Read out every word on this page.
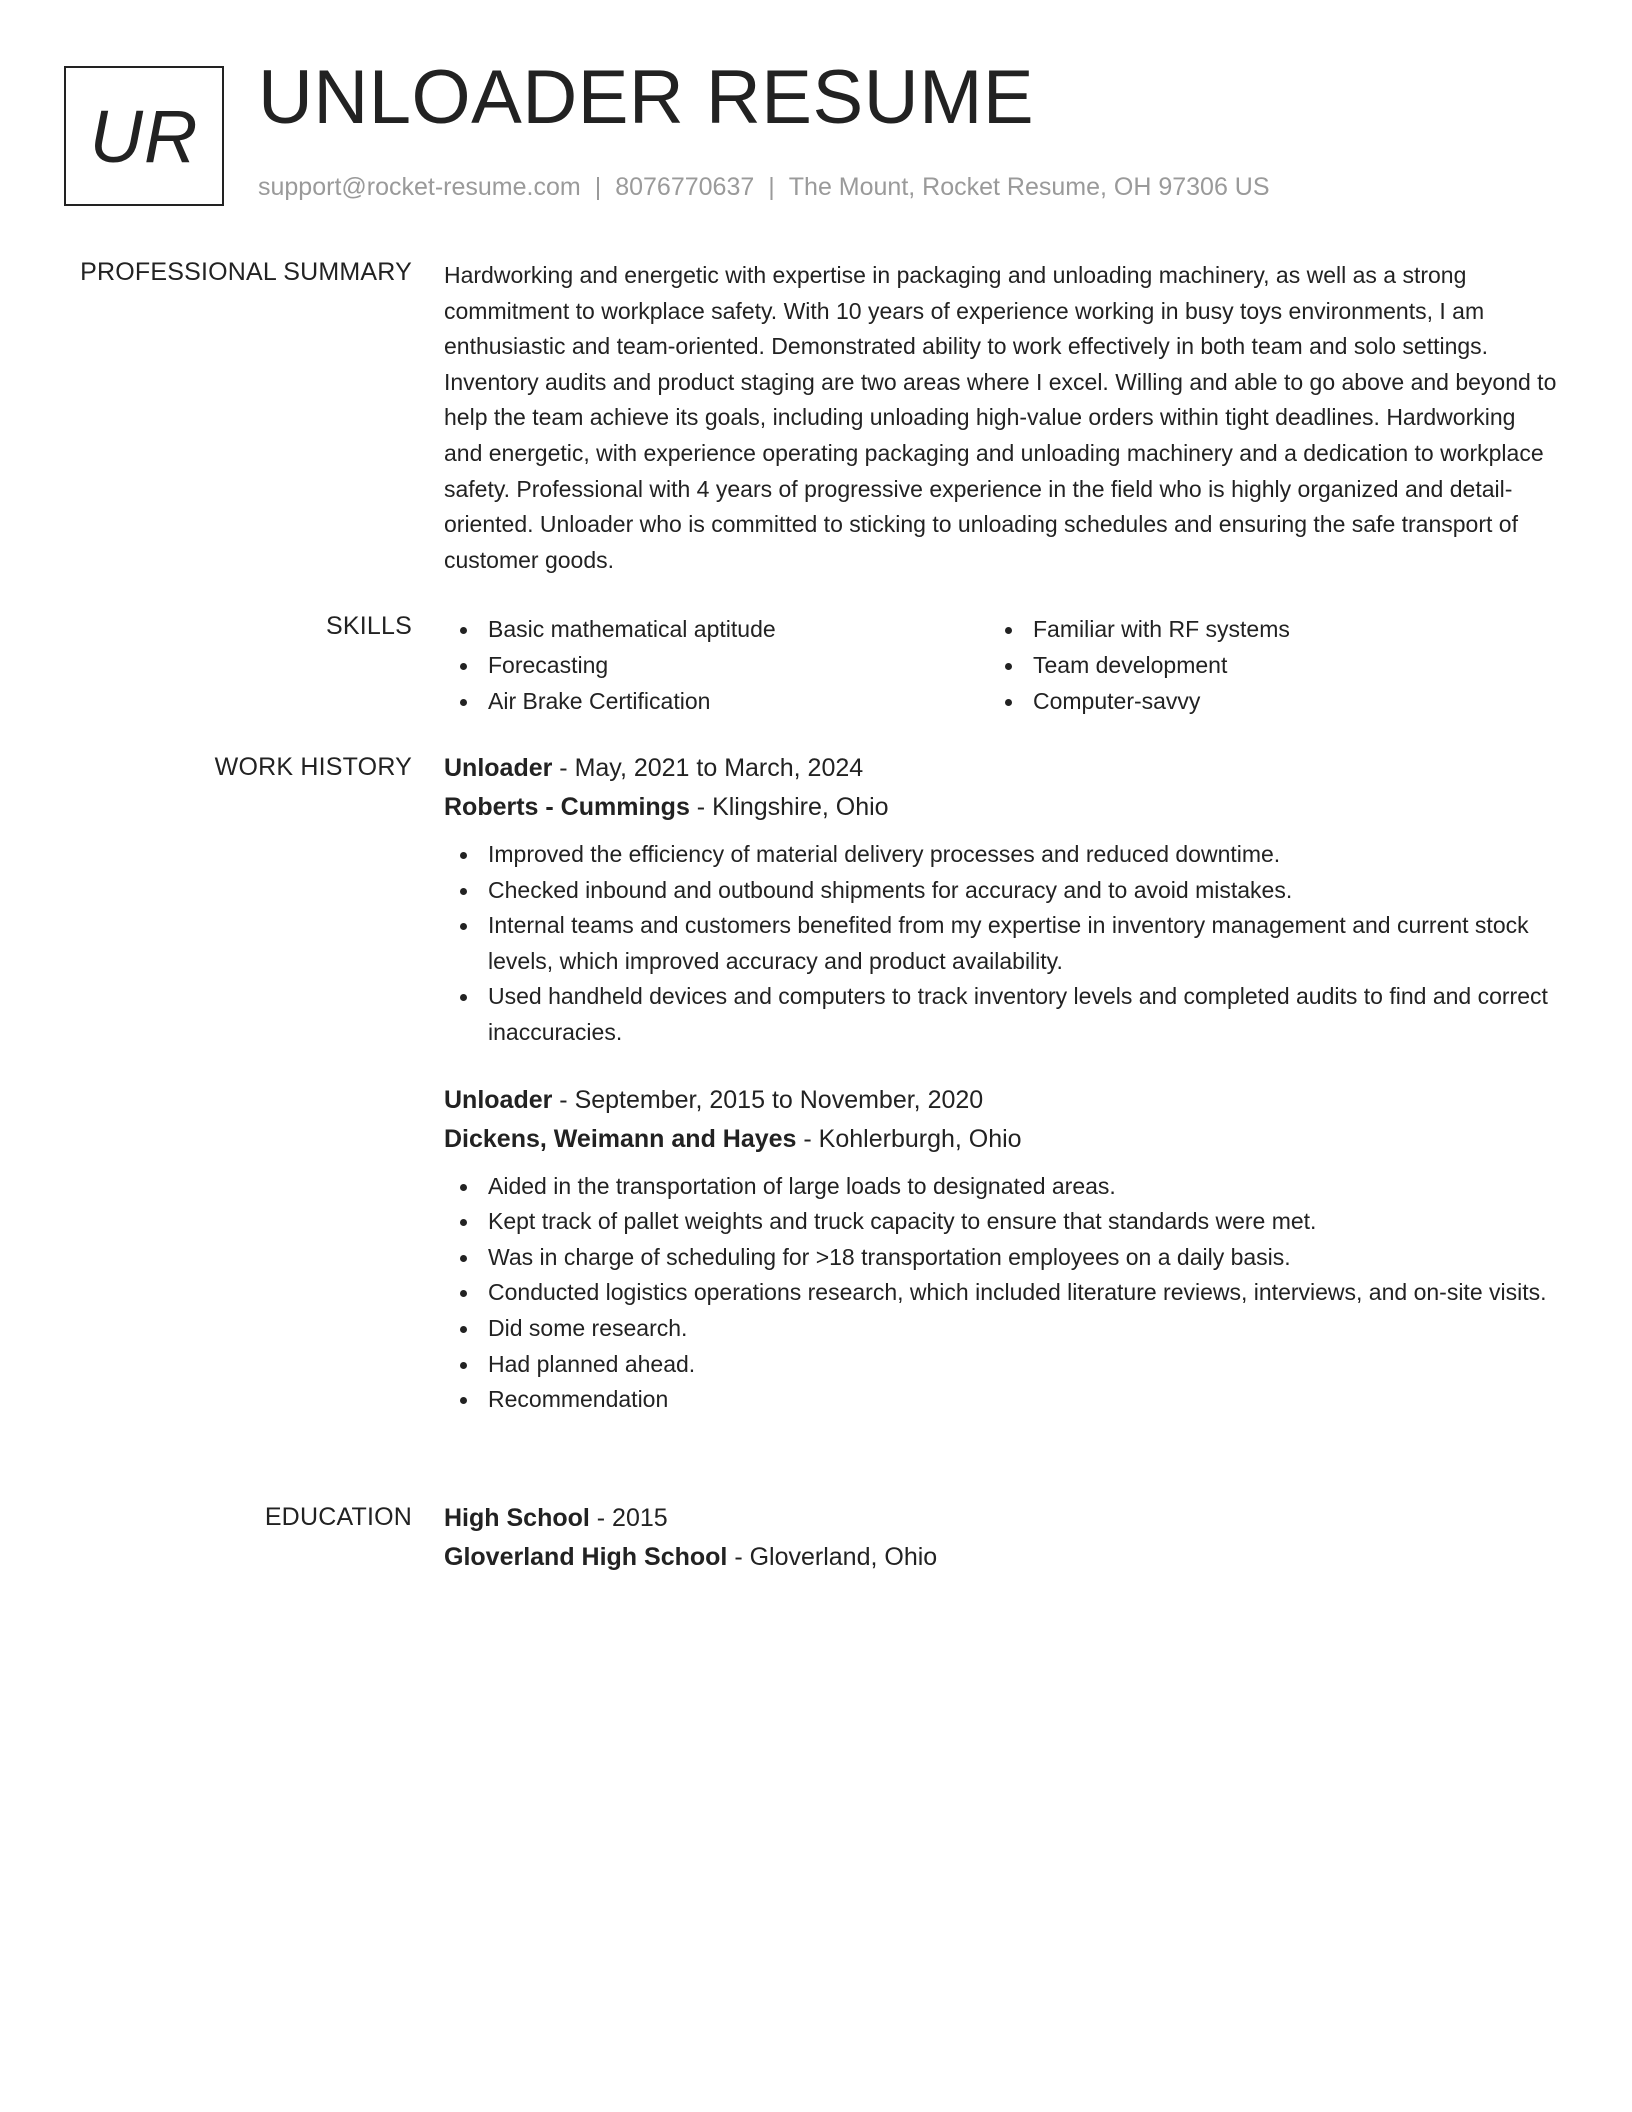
UR UNLOADER RESUME
support@rocket-resume.com | 8076770637 | The Mount, Rocket Resume, OH 97306 US
PROFESSIONAL SUMMARY Hardworking and energetic with expertise in packaging and unloading machinery, as well as a strong commitment to workplace safety. With 10 years of experience working in busy toys environments, I am enthusiastic and team-oriented. Demonstrated ability to work effectively in both team and solo settings. Inventory audits and product staging are two areas where I excel. Willing and able to go above and beyond to help the team achieve its goals, including unloading high-value orders within tight deadlines. Hardworking and energetic, with experience operating packaging and unloading machinery and a dedication to workplace safety. Professional with 4 years of progressive experience in the field who is highly organized and detail-oriented. Unloader who is committed to sticking to unloading schedules and ensuring the safe transport of customer goods.

SKILLS	Basic mathematical aptitude
Forecasting
Air Brake Certification
Familiar with RF systems
Team development
Computer-savvy
WORK HISTORY Unloader - May, 2021 to March, 2024
Roberts - Cummings - Klingshire, Ohio
Improved the efficiency of material delivery processes and reduced downtime.
Checked inbound and outbound shipments for accuracy and to avoid mistakes.
Internal teams and customers benefited from my expertise in inventory management and current stock levels, which improved accuracy and product availability.
Used handheld devices and computers to track inventory levels and completed audits to find and correct inaccuracies.
Unloader - September, 2015 to November, 2020
Dickens, Weimann and Hayes - Kohlerburgh, Ohio
Aided in the transportation of large loads to designated areas.
Kept track of pallet weights and truck capacity to ensure that standards were met.
Was in charge of scheduling for >18 transportation employees on a daily basis.
Conducted logistics operations research, which included literature reviews, interviews, and on-site visits.
Did some research.
Had planned ahead.
Recommendation
EDUCATION High School - 2015
Gloverland High School - Gloverland, Ohio
